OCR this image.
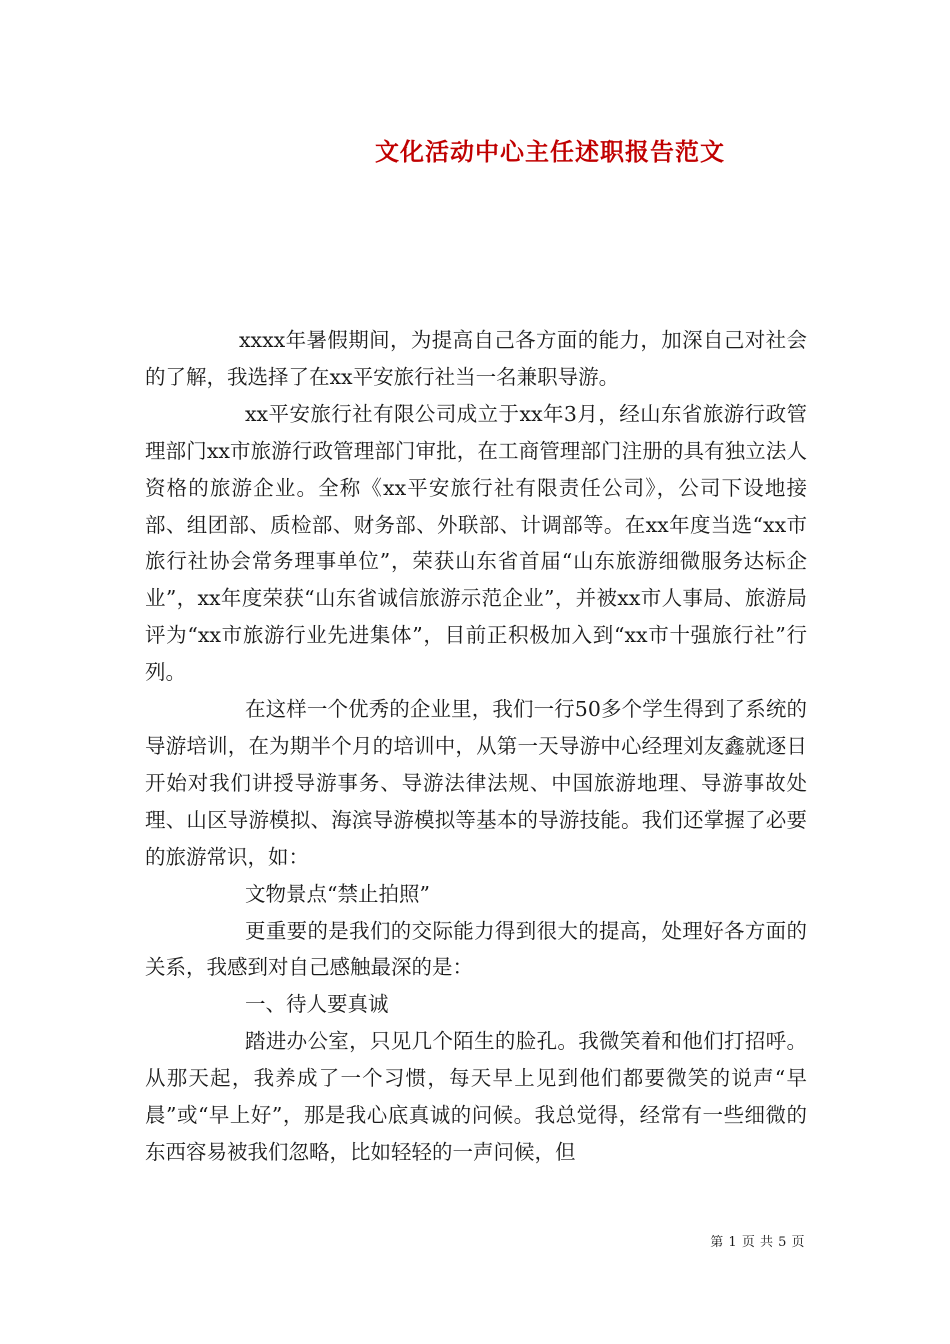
文化活动中心主任述职报告范文

xxxx年暑假期间，为提高自己各方面的能力，加深自己对社会的了解，我选择了在xx平安旅行社当一名兼职导游。

xx平安旅行社有限公司成立于xx年3月，经山东省旅游行政管理部门xx市旅游行政管理部门审批，在工商管理部门注册的具有独立法人资格的旅游企业。全称《xx平安旅行社有限责任公司》，公司下设地接部、组团部、质检部、财务部、外联部、计调部等。在xx年度当选“xx市旅行社协会常务理事单位”，荣获山东省首届“山东旅游细微服务达标企业”，xx年度荣获“山东省诚信旅游示范企业”，并被xx市人事局、旅游局评为“xx市旅游行业先进集体”，目前正积极加入到“xx市十强旅行社”行列。

在这样一个优秀的企业里，我们一行50多个学生得到了系统的导游培训，在为期半个月的培训中，从第一天导游中心经理刘友鑫就逐日开始对我们讲授导游事务、导游法律法规、中国旅游地理、导游事故处理、山区导游模拟、海滨导游模拟等基本的导游技能。我们还掌握了必要的旅游常识，如：

文物景点“禁止拍照”

更重要的是我们的交际能力得到很大的提高，处理好各方面的关系，我感到对自己感触最深的是：

一、待人要真诚

踏进办公室，只见几个陌生的脸孔。我微笑着和他们打招呼。从那天起，我养成了一个习惯，每天早上见到他们都要微笑的说声“早晨”或“早上好”，那是我心底真诚的问候。我总觉得，经常有一些细微的东西容易被我们忽略，比如轻轻的一声问候，但

第 1 页 共 5 页
